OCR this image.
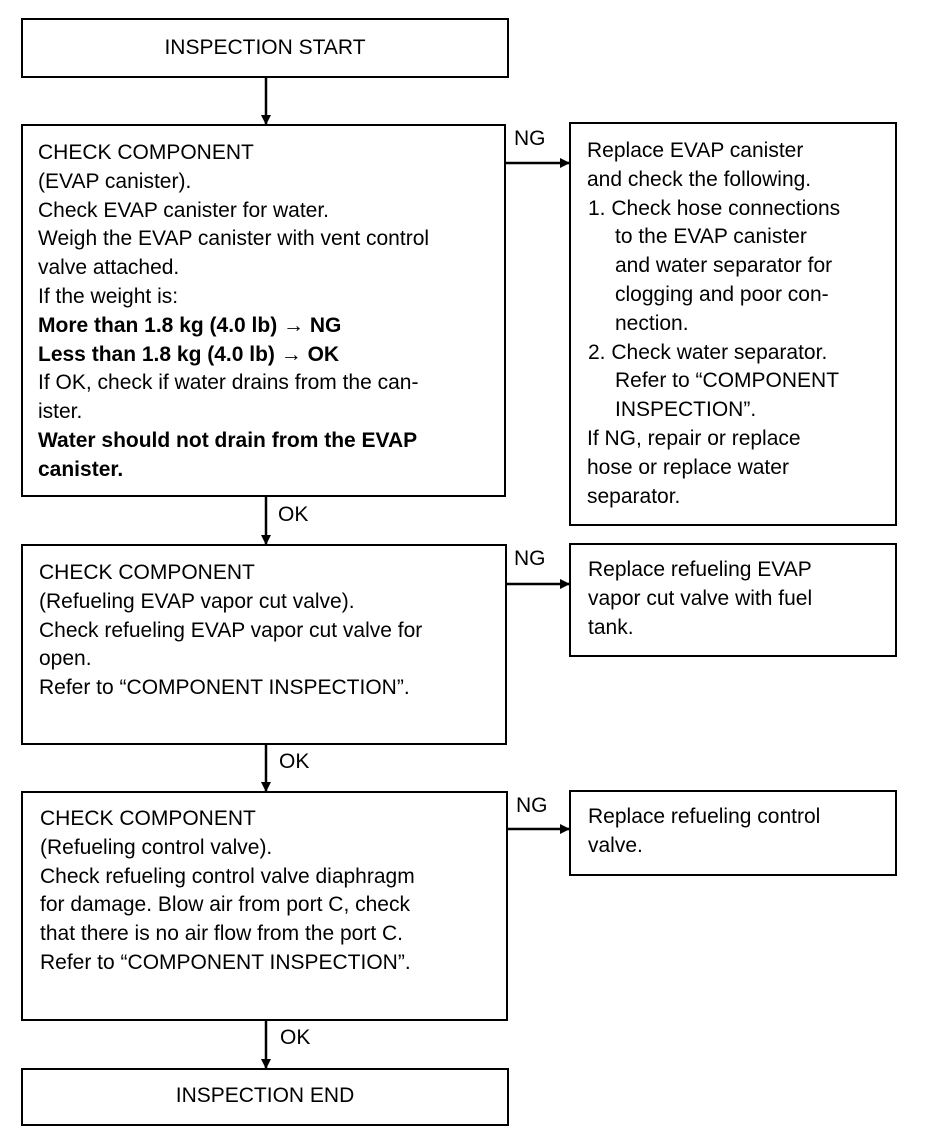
INSPECTION START
CHECK COMPONENT
(EVAP canister).
Check EVAP canister for water.
Weigh the EVAP canister with vent control
valve attached.
If the weight is:
More than 1.8 kg (4.0 lb) → NG
Less than 1.8 kg (4.0 lb) → OK
If OK, check if water drains from the can-
ister.
Water should not drain from the EVAP
canister.
NG
OK
Replace EVAP canister
and check the following.
1. Check hose connections
to the EVAP canister
and water separator for
clogging and poor con-
nection.
2. Check water separator.
Refer to “COMPONENT
INSPECTION”.
If NG, repair or replace
hose or replace water
separator.
CHECK COMPONENT
(Refueling EVAP vapor cut valve).
Check refueling EVAP vapor cut valve for
open.
Refer to “COMPONENT INSPECTION”.
NG
OK
Replace refueling EVAP
vapor cut valve with fuel
tank.
CHECK COMPONENT
(Refueling control valve).
Check refueling control valve diaphragm
for damage. Blow air from port C, check
that there is no air flow from the port C.
Refer to “COMPONENT INSPECTION”.
NG
OK
Replace refueling control
valve.
INSPECTION END
